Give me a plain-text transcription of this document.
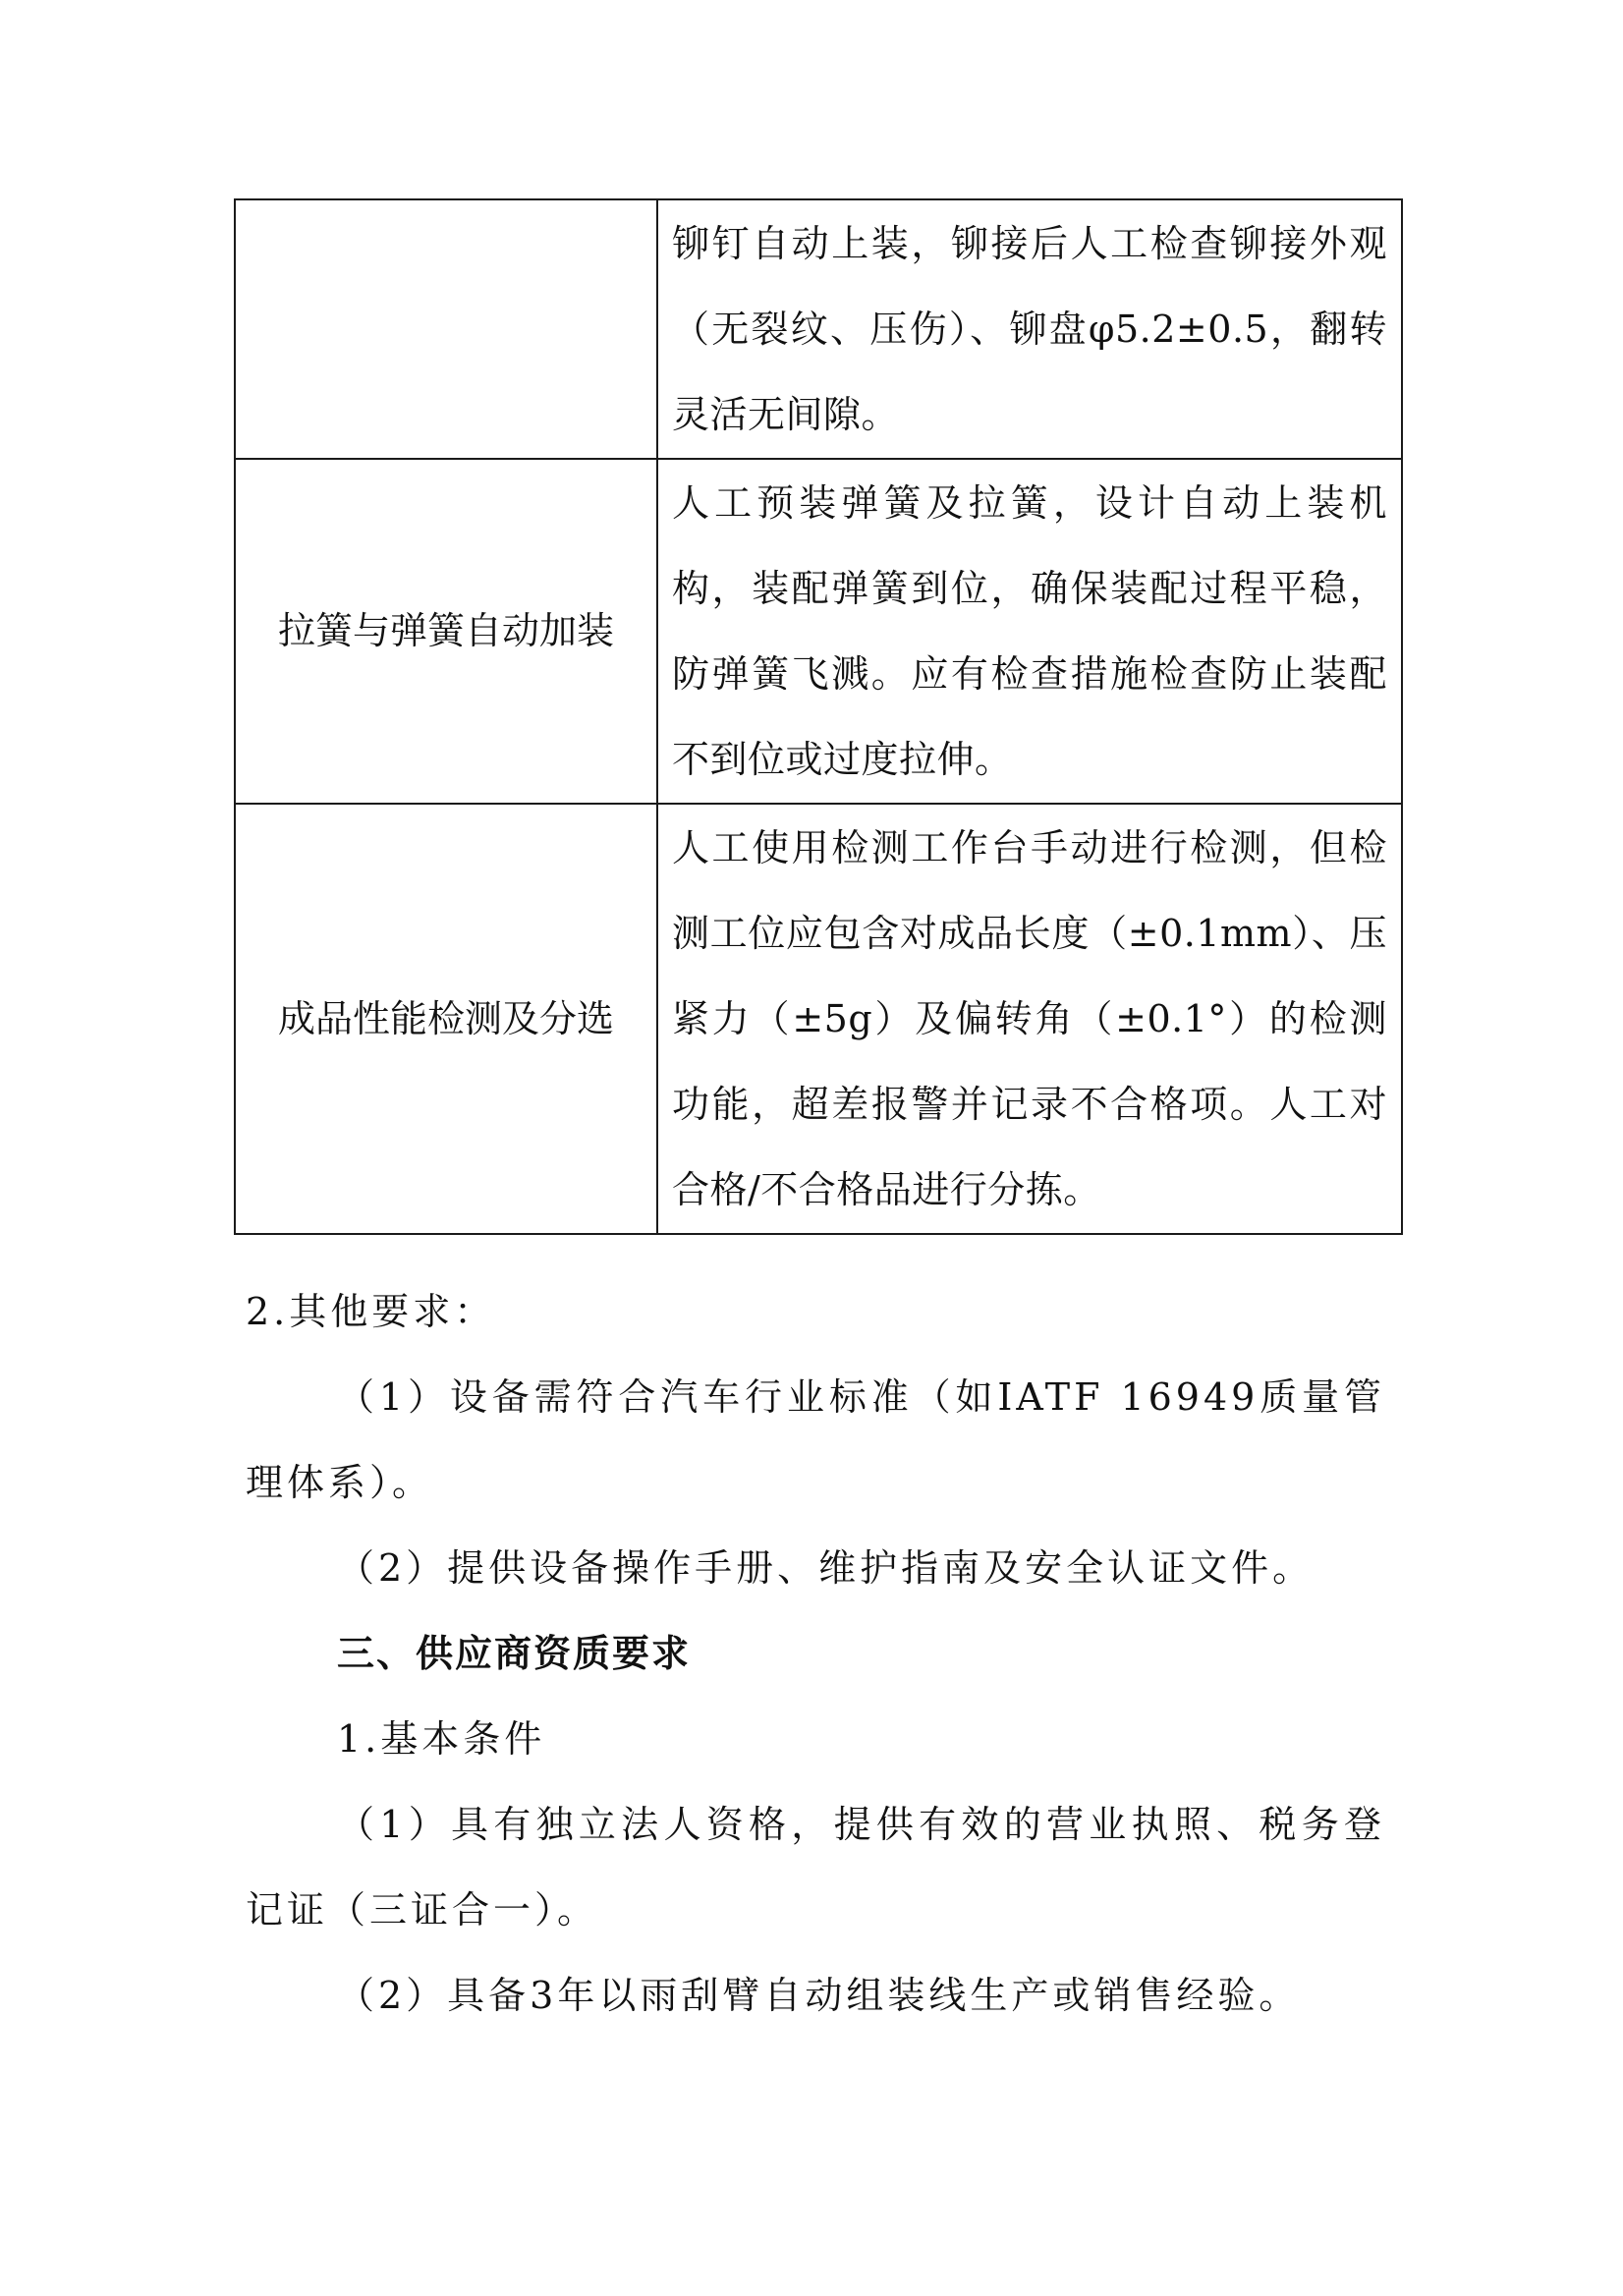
	铆钉自动上装，铆接后人工检查铆接外观（无裂纹、压伤）、铆盘φ5.2±0.5，翻转灵活无间隙。
拉簧与弹簧自动加装	人工预装弹簧及拉簧，设计自动上装机构，装配弹簧到位，确保装配过程平稳，防弹簧飞溅。应有检查措施检查防止装配不到位或过度拉伸。
成品性能检测及分选	人工使用检测工作台手动进行检测，但检测工位应包含对成品长度（±0.1mm）、压紧力（±5g）及偏转角（±0.1°）的检测功能，超差报警并记录不合格项。人工对合格/不合格品进行分拣。

2.其他要求：

（1）设备需符合汽车行业标准（如IATF 16949质量管理体系）。

（2）提供设备操作手册、维护指南及安全认证文件。

三、供应商资质要求

1.基本条件

（1）具有独立法人资格，提供有效的营业执照、税务登记证（三证合一）。

（2）具备3年以雨刮臂自动组装线生产或销售经验。
